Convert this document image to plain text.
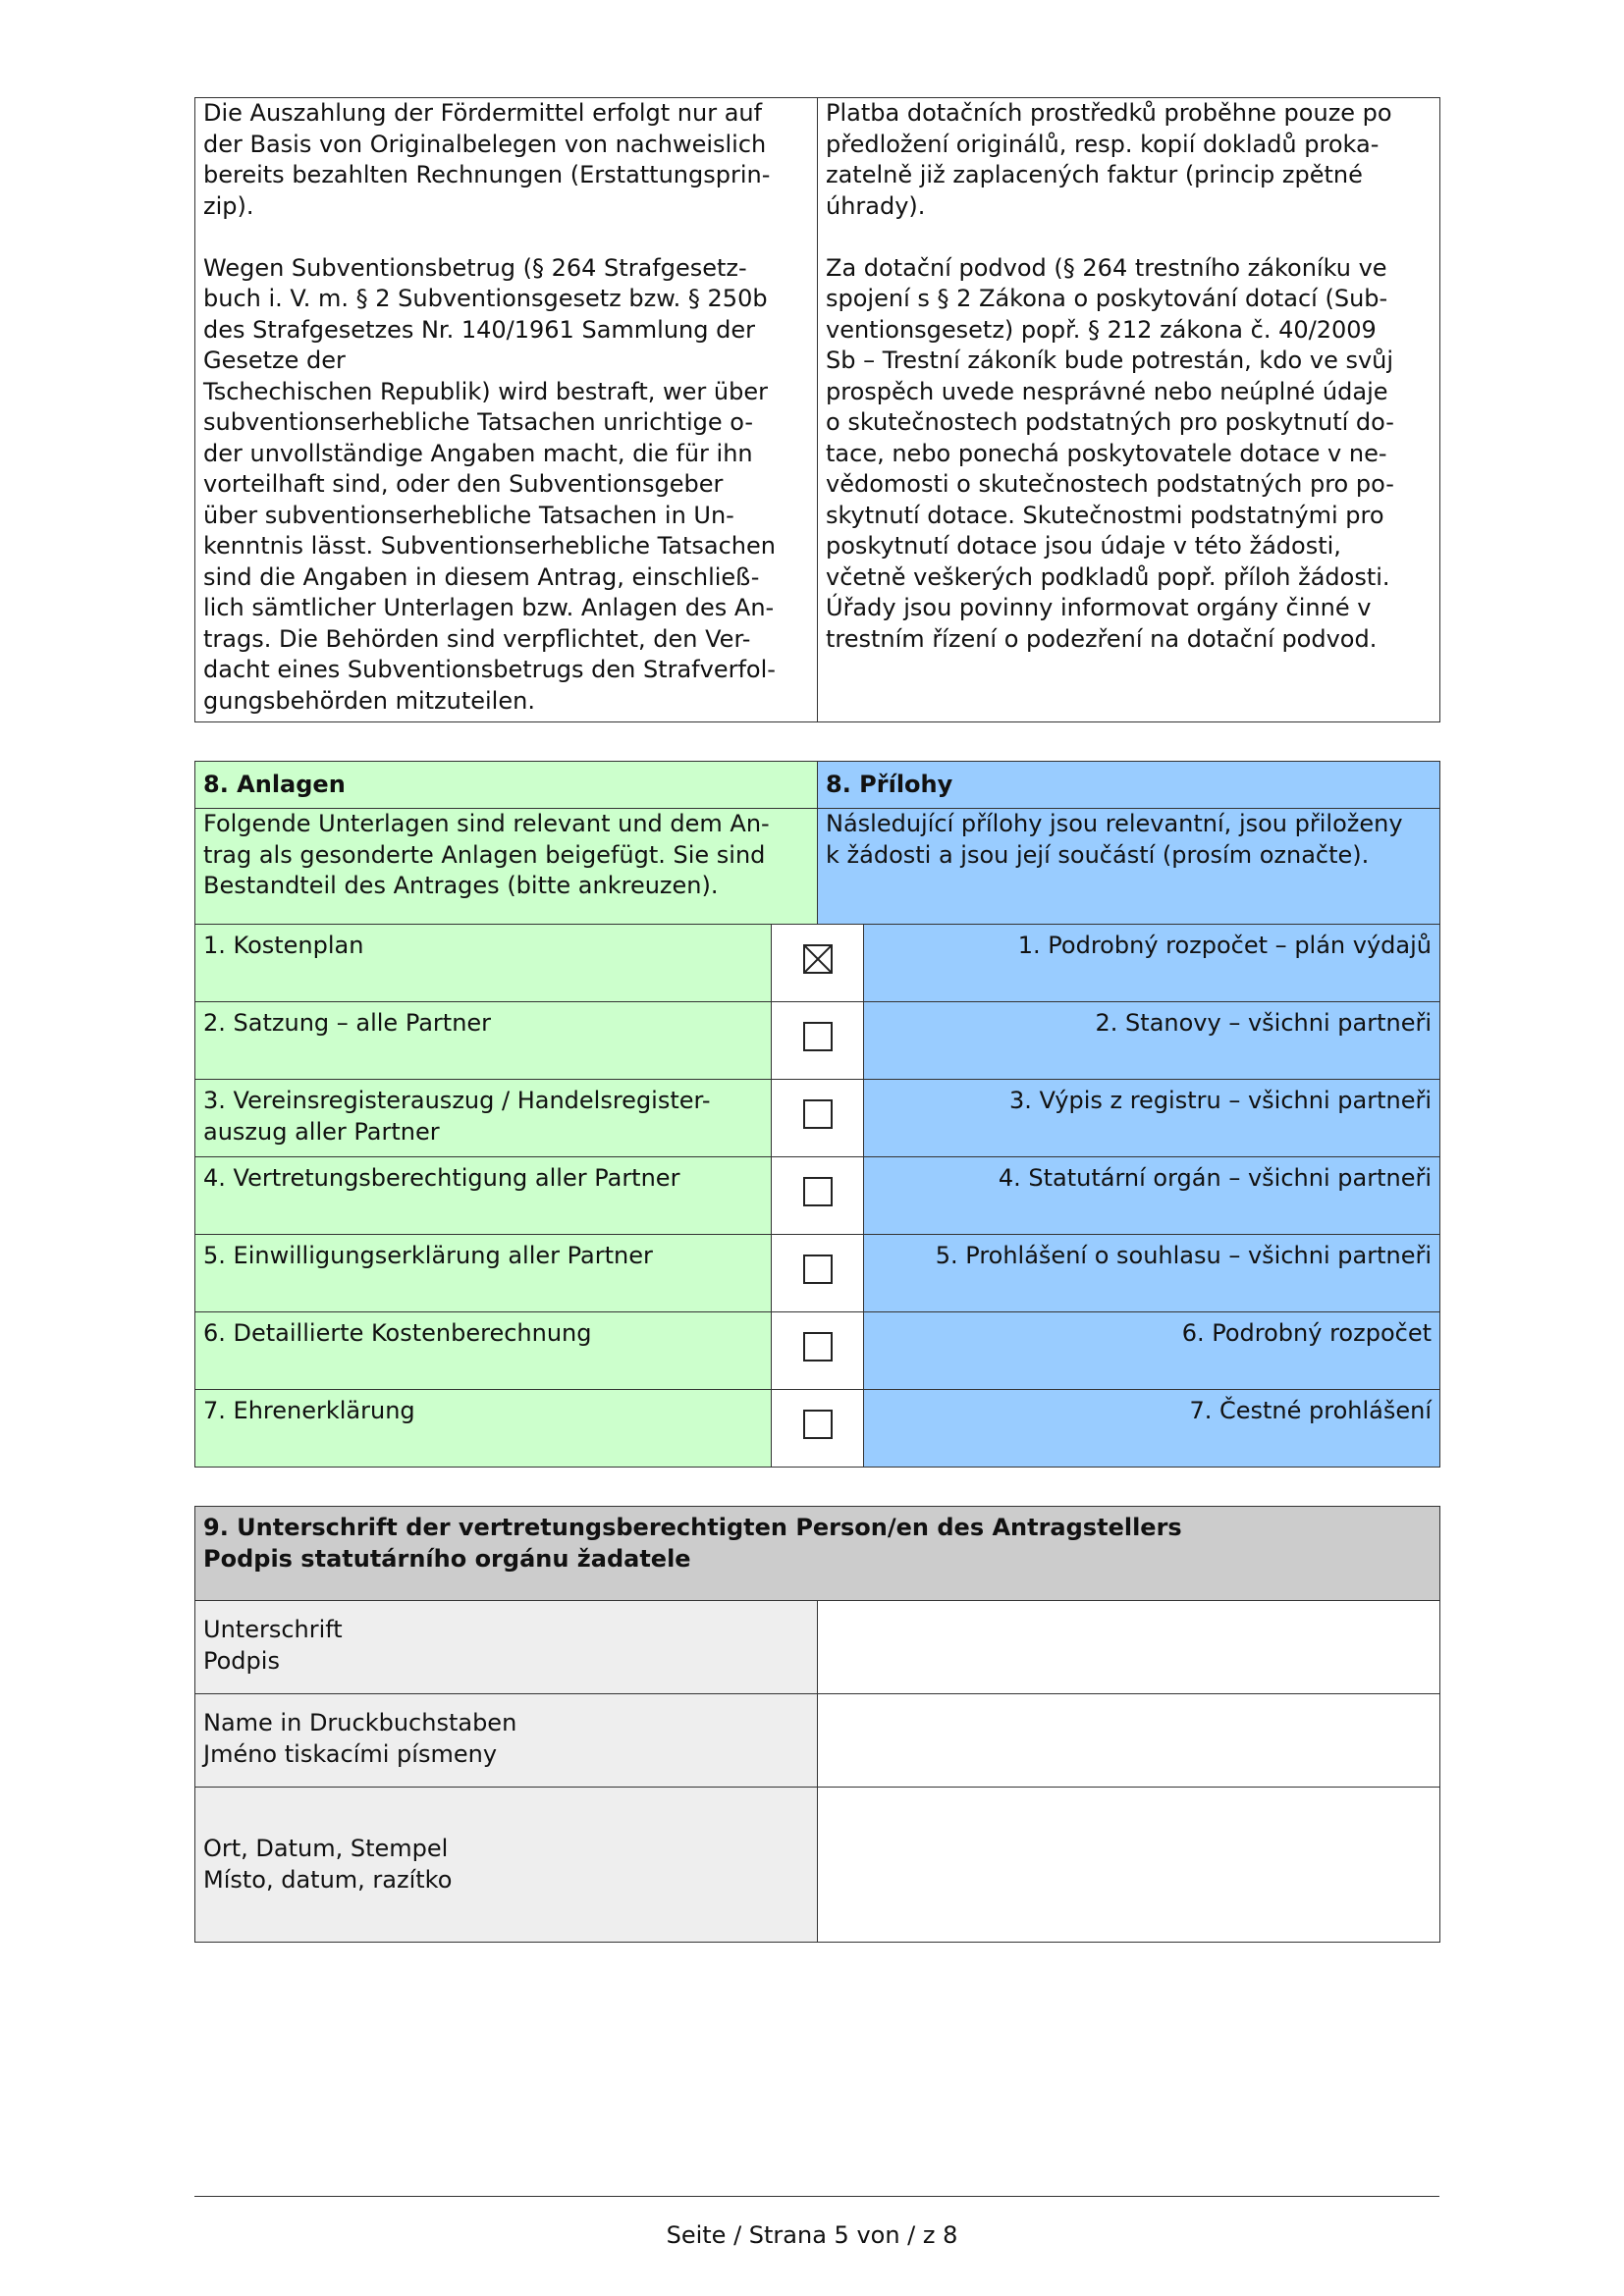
Die Auszahlung der Fördermittel erfolgt nur auf
der Basis von Originalbelegen von nachweislich
bereits bezahlten Rechnungen (Erstattungsprin-
zip).

Wegen Subventionsbetrug (§ 264 Strafgesetz-
buch i. V. m. § 2 Subventionsgesetz bzw. § 250b
des Strafgesetzes Nr. 140/1961 Sammlung der
Gesetze der
Tschechischen Republik) wird bestraft, wer über
subventionserhebliche Tatsachen unrichtige o-
der unvollständige Angaben macht, die für ihn
vorteilhaft sind, oder den Subventionsgeber
über subventionserhebliche Tatsachen in Un-
kenntnis lässt. Subventionserhebliche Tatsachen
sind die Angaben in diesem Antrag, einschließ-
lich sämtlicher Unterlagen bzw. Anlagen des An-
trags. Die Behörden sind verpflichtet, den Ver-
dacht eines Subventionsbetrugs den Strafverfol-
gungsbehörden mitzuteilen.	Platba dotačních prostředků proběhne pouze po
předložení originálů, resp. kopií dokladů proka-
zatelně již zaplacených faktur (princip zpětné
úhrady).

Za dotační podvod (§ 264 trestního zákoníku ve
spojení s § 2 Zákona o poskytování dotací (Sub-
ventionsgesetz) popř. § 212 zákona č. 40/2009
Sb – Trestní zákoník bude potrestán, kdo ve svůj
prospěch uvede nesprávné nebo neúplné údaje
o skutečnostech podstatných pro poskytnutí do-
tace, nebo ponechá poskytovatele dotace v ne-
vědomosti o skutečnostech podstatných pro po-
skytnutí dotace. Skutečnostmi podstatnými pro
poskytnutí dotace jsou údaje v této žádosti,
včetně veškerých podkladů popř. příloh žádosti.
Úřady jsou povinny informovat orgány činné v
trestním řízení o podezření na dotační podvod.
8. Anlagen	8. Přílohy
Folgende Unterlagen sind relevant und dem An-
trag als gesonderte Anlagen beigefügt. Sie sind
Bestandteil des Antrages (bitte ankreuzen).	Následující přílohy jsou relevantní, jsou přiloženy
k žádosti a jsou její součástí (prosím označte).
1. Kostenplan		1. Podrobný rozpočet – plán výdajů
2. Satzung – alle Partner		2. Stanovy – všichni partneři
3. Vereinsregisterauszug / Handelsregister-
auszug aller Partner		3. Výpis z registru – všichni partneři
4. Vertretungsberechtigung aller Partner		4. Statutární orgán – všichni partneři
5. Einwilligungserklärung aller Partner		5. Prohlášení o souhlasu – všichni partneři
6. Detaillierte Kostenberechnung		6. Podrobný rozpočet
7. Ehrenerklärung		7. Čestné prohlášení
9. Unterschrift der vertretungsberechtigten Person/en des Antragstellers
Podpis statutárního orgánu žadatele	

Unterschrift
Podpis	

Name in Druckbuchstaben
Jméno tiskacími písmeny	

Ort, Datum, Stempel
Místo, datum, razítko	

Seite / Strana 5 von / z 8
